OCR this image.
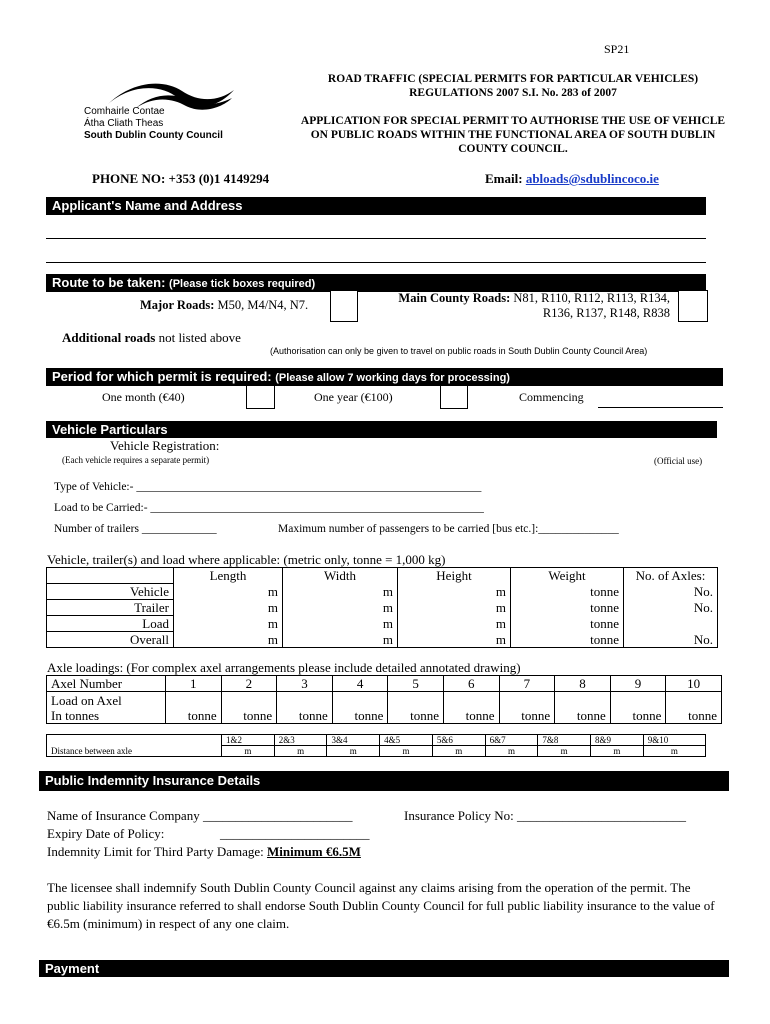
SP21
Comhairle Contae
Átha Cliath Theas
South Dublin County Council
ROAD TRAFFIC (SPECIAL PERMITS FOR PARTICULAR VEHICLES) REGULATIONS 2007 S.I. No. 283 of 2007
APPLICATION FOR SPECIAL PERMIT TO AUTHORISE THE USE OF VEHICLE ON PUBLIC ROADS WITHIN THE FUNCTIONAL AREA OF SOUTH DUBLIN COUNTY COUNCIL.
PHONE NO: +353 (0)1 4149294	Email: abloads@sdublincoco.ie
Applicant's Name and Address
Route to be taken: (Please tick boxes required)
Major Roads: M50, M4/N4, N7.	Main County Roads: N81, R110, R112, R113, R134,
R136, R137, R148, R838
Additional roads not listed above
(Authorisation can only be given to travel on public roads in South Dublin County Council Area)
Period for which permit is required: (Please allow 7 working days for processing)
One month (€40)	One year (€100)	Commencing
Vehicle Particulars
Vehicle Registration:
(Each vehicle requires a separate permit)	(Official use)
Type of Vehicle:- ____________________________________________________________
Load to be Carried:- __________________________________________________________
Number of trailers _____________	Maximum number of passengers to be carried [bus etc.]:______________
Vehicle, trailer(s) and load where applicable: (metric only, tonne = 1,000 kg)
	Length	Width	Height	Weight	No. of Axles:
Vehicle	m	m	m	tonne	No.
Trailer	m	m	m	tonne	No.
Load	m	m	m	tonne	
Overall	m	m	m	tonne	No.
Axle loadings: (For complex axel arrangements please include detailed annotated drawing)
Axel Number	1	2	3	4	5	6	7	8	9	10
Load on Axel
In tonnes	tonne	tonne	tonne	tonne	tonne	tonne	tonne	tonne	tonne	tonne
	1&2	2&3	3&4	4&5	5&6	6&7	7&8	8&9	9&10
Distance between axle	m	m	m	m	m	m	m	m	m
Public Indemnity Insurance Details
Name of Insurance Company _______________________	Insurance Policy No: __________________________
Expiry Date of Policy:	_______________________
Indemnity Limit for Third Party Damage: Minimum €6.5M
The licensee shall indemnify South Dublin County Council against any claims arising from the operation of the permit. The public liability insurance referred to shall endorse South Dublin County Council for full public liability insurance to the value of €6.5m (minimum) in respect of any one claim.
Payment
